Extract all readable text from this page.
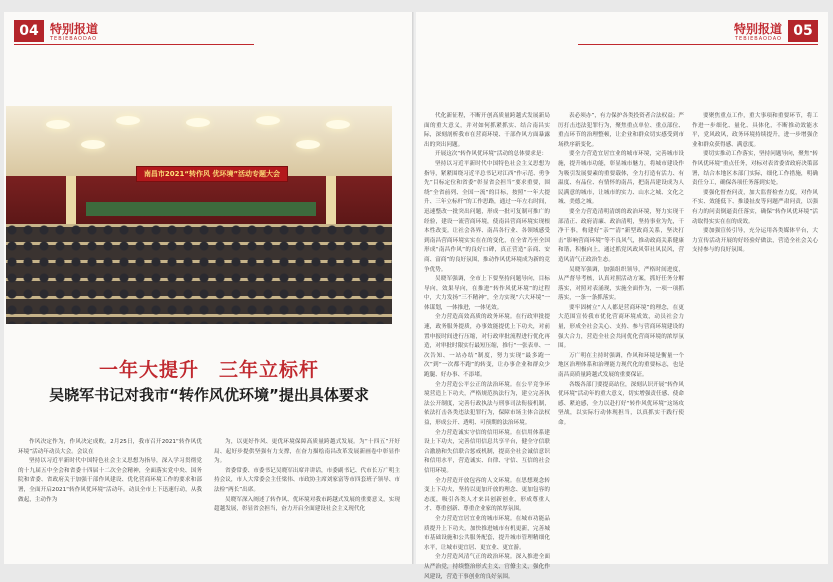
04 特别报道
TEBIEBAODAO
南昌市2021“转作风 优环境”活动专题大会
一年大提升　三年立标杆
吴晓军书记对我市“转作风优环境”提出具体要求

作风决定作为，作风决定成败。2月25日，我市召开2021“转作风优环境”活动年动员大会。会议在

坚持以习近平新时代中国特色社会主义思想为指导，深入学习贯彻党的十九届五中全会和省委十四届十二次全会精神，全面落实党中央、国务院和省委、省政府关于加强干部作风建设、优化营商环境工作的要求和部署，全面开启2021“转作风优环境”活动年。动员全市上下迅速行动，从我做起，主动作为

为，以更好作风、更优环境保障高质量跨越式发展。为“十四五”开好局、起好步提供坚强有力支撑，在奋力描绘南昌改革发展新画卷中彰显作为。

省委常委、市委书记吴晓军出席并讲话，市委副书记、代市长万广明主持会议，市人大常委会主任梁伟、市政协主席刘家富等市四套班子领导、市法检“两长”出席。

吴晓军深入阐述了转作风、优环境对我市跨越式发展的重要意义，实现超越发展，彰显省会担当，奋力开启全面建设社会主义现代化

05
特别报道
TEBIEBAODAO

表必须办”，有力保护各类投资者合法权益；严厉打击违法犯罪行为，聚焦重点单位、重点部位、重点环节的治理整顿，让企业和群众切实感受到市场秩序新变化。

要全力营造宜居宜业的城市环境，完善城市设施，提升城市功能，彰显城市魅力，将城市建设作为吸引发展要素的重要载体，全力打造有活力、有温度、有品位、有情怀的南昌，把南昌建设成为人民满意的城市，让城市的实力、山水之城、文化之城、美德之城。

要全力营造清明清朗的政治环境，努力实现干部清正、政府清廉、政治清明，坚持事业为先，干净干事，构建好“亲”“清”新型政商关系，坚决打击“影响营商环境”等不良风气，推动政商关系健康和谐，积极向上，通过抓党风政风带社风民风，营造风清气正政治生态。

吴晓军强调，加强组织领导，严格时间进度，从严督导考核，认真对照活动方案，抓好任务分解落实，对照对表涌现，实施全面作为，一项一项抓落实，一条一条抓落实。

要牢固树立“人人都是营商环境”的理念，在更大范围宣传我市优化营商环境成效，动员社会力量，形成全社会关心、支持、参与营商环境建设的强大合力，营造全社会共同优化营商环境的浓厚氛围。

万广明在主持时强调，作风和环境是衡量一个地区治理体系和治理能力现代化的重要标志，也是南昌高质量跨越式发展的重要保证。

各级各部门要提高站位，深刻认识开展“转作风优环境”活动年的重大意义，切实增强责任感、使命感、紧迫感，全力以赴打好“转作风优环境”这场攻坚战，以实际行动体现担当，以真抓实干践行使命。

要聚焦重点工作，重大事项和重要环节，将工作进一步细化、量化、具体化，不断推动效能水平，党风政风，政务环境持续提升，进一步增强企业和群众获得感、满意度。

要切实推动工作落实，坚持问题导向，聚焦“转作风优环境”重点任务，对标对表省委省政府决策部署，结合本地区本部门实际，细化工作措施，明确责任分工，确保各项任务落到实处。

要强化督查问责，加大监督检查力度，对作风不实、效能低下、推诿扯皮等问题严肃问责，以强有力的问责倒逼责任落实，确保“转作风优环境”活动取得实实在在的成效。

要加强宣传引导，充分运用各类媒体平台，大力宣传活动开展的好经验好做法，营造全社会关心支持参与的良好氛围。

代化新征程，不断开创高质量跨越式发展新局面的重大意义，并对如何抓紧抓实、结合南昌实际，深刻剖析我市在营商环境、干部作风方面暴露出的突出问题。

开展这次“转作风优环境”活动的总体要求是：

坚持以习近平新时代中国特色社会主义思想为指导，紧紧围绕习近平总书记对江西“作示范、勇争先”目标定位和省委“彰显省会担当”要求重要，围绕“全省前列、全国一流”的目标，按照“一年大提升、三年立标杆”的工作思路，通过一年左右时间，迅速整改一批突出问题，形成一批可复制可推广的经验，建设一流营商环境，使南昌营商环境实现根本性改变。让社会各界、南昌各行业、各领域感受到南昌营商环境实实在在的变化，在全省乃至全国形成“南昌作风”的良好口碑，真正营造“亲商、安商、富商”的良好氛围，推动作风优环境成为新的竞争优势。

吴晓军强调，全市上下要坚持问题导向，目标导向，效果导向，在推进“转作风优环境”的过程中，大力发扬“三不精神”，全力实现“六大环境”一体谋划，一体推进，一体见效。

全力营造高效高质的政务环境。在行政审批提速，政务服务提质，办事效能提优上下功夫，对前置申报时间进行压缩，对行政审批流程进行优化再造，对审批时限实行最短压缩，推行“一张表单、一次告知、一站办结”制度，努力实现“最多跑一次”到“一次都不跑”的转变，让办事企业和群众少跑腿、好办事、不添堵。

全力营造公平公正的法治环境。在公平竞争环境营造上下功夫，严格规范执法行为，建立完善执法公开制度，完善行政执法与刑事司法衔接机制，依法打击各类违法犯罪行为，保障市场主体合法权益，形成公开、透明、可预期的法治环境。

全力营造诚实守信的信用环境。在信用体系建设上下功夫，完善信用信息共享平台，健全守信联合激励和失信联合惩戒机制，提高全社会诚信意识和信用水平，营造诚实、自律、守信、互信的社会信用环境。

全力营造开放包容的人文环境。在思想观念转变上下功夫，坚持以更加开放的理念、更加包容的态度，吸引各类人才来昌创新创业，形成尊重人才、尊重创新、尊重企业家的浓厚氛围。

全力营造宜居宜业的城市环境。在城市功能品质提升上下功夫，加快推进城市有机更新，完善城市基础设施和公共服务配套，提升城市管理精细化水平，让城市更宜居、更宜业、更宜游。

全力营造风清气正的政治环境。深入推进全面从严治党，持续整治形式主义、官僚主义，强化作风建设，营造干事创业的良好氛围。
